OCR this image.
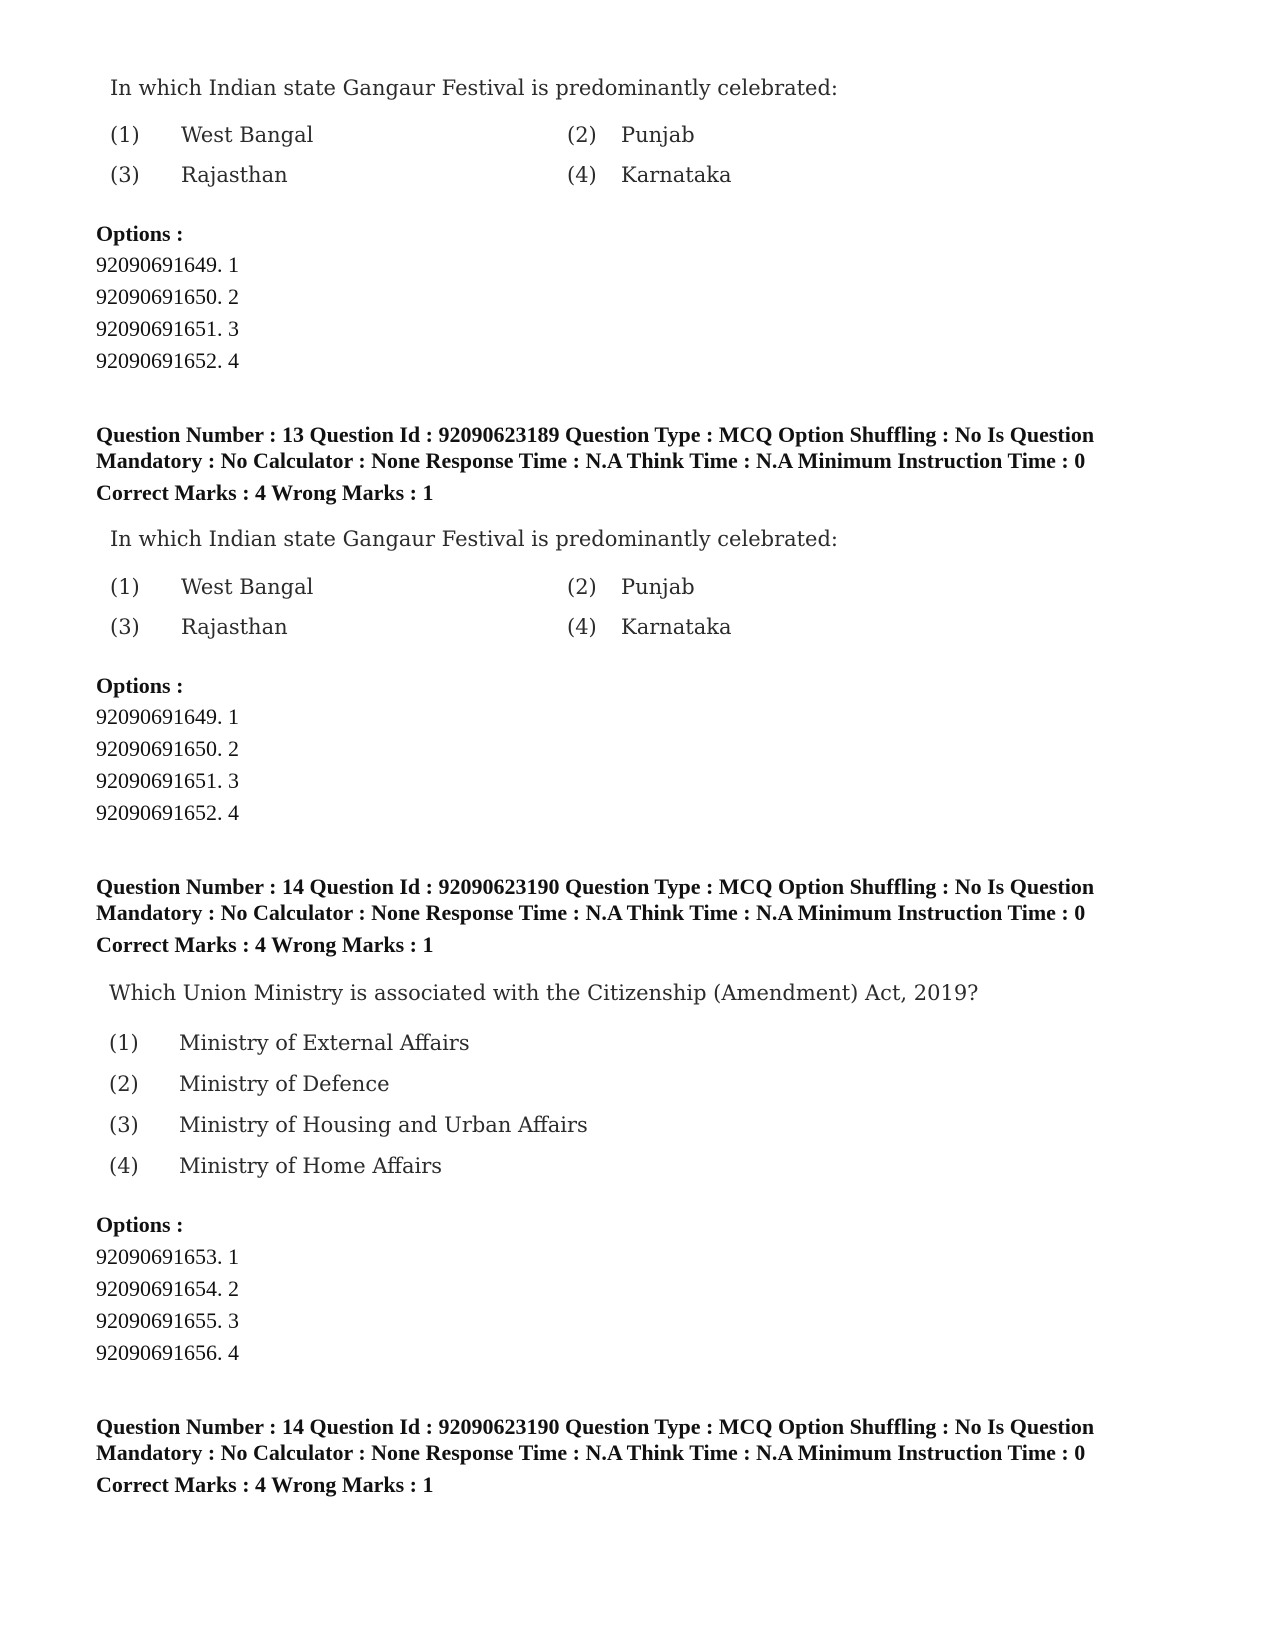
In which Indian state Gangaur Festival is predominantly celebrated:
(1) West Bangal	(2) Punjab
(3) Rajasthan	(4) Karnataka
Options :
92090691649. 1
92090691650. 2
92090691651. 3
92090691652. 4
Question Number : 13 Question Id : 92090623189 Question Type : MCQ Option Shuffling : No Is Question
Mandatory : No Calculator : None Response Time : N.A Think Time : N.A Minimum Instruction Time : 0
Correct Marks : 4 Wrong Marks : 1
In which Indian state Gangaur Festival is predominantly celebrated:
(1) West Bangal	(2) Punjab
(3) Rajasthan	(4) Karnataka
Options :
92090691649. 1
92090691650. 2
92090691651. 3
92090691652. 4
Question Number : 14 Question Id : 92090623190 Question Type : MCQ Option Shuffling : No Is Question
Mandatory : No Calculator : None Response Time : N.A Think Time : N.A Minimum Instruction Time : 0
Correct Marks : 4 Wrong Marks : 1
Which Union Ministry is associated with the Citizenship (Amendment) Act, 2019?
(1) Ministry of External Affairs
(2) Ministry of Defence
(3) Ministry of Housing and Urban Affairs
(4) Ministry of Home Affairs
Options :
92090691653. 1
92090691654. 2
92090691655. 3
92090691656. 4
Question Number : 14 Question Id : 92090623190 Question Type : MCQ Option Shuffling : No Is Question
Mandatory : No Calculator : None Response Time : N.A Think Time : N.A Minimum Instruction Time : 0
Correct Marks : 4 Wrong Marks : 1
